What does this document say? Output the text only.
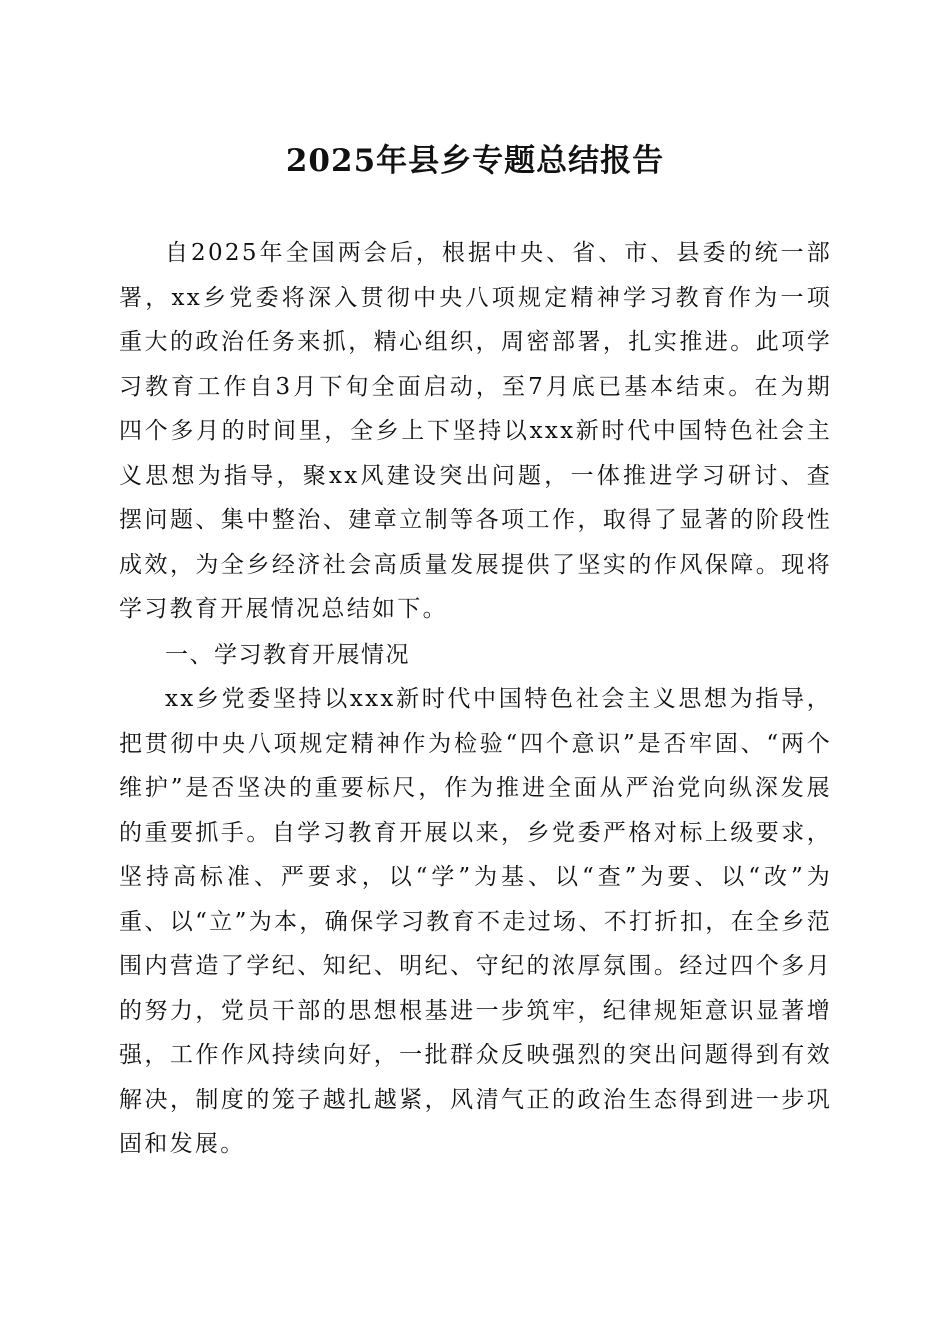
2025年县乡专题总结报告

自2025年全国两会后，根据中央、省、市、县委的统一部署，xx乡党委将深入贯彻中央八项规定精神学习教育作为一项重大的政治任务来抓，精心组织，周密部署，扎实推进。此项学习教育工作自3月下旬全面启动，至7月底已基本结束。在为期四个多月的时间里，全乡上下坚持以xxx新时代中国特色社会主义思想为指导，聚xx风建设突出问题，一体推进学习研讨、查摆问题、集中整治、建章立制等各项工作，取得了显著的阶段性成效，为全乡经济社会高质量发展提供了坚实的作风保障。现将学习教育开展情况总结如下。

一、学习教育开展情况

xx乡党委坚持以xxx新时代中国特色社会主义思想为指导，把贯彻中央八项规定精神作为检验“四个意识”是否牢固、“两个维护”是否坚决的重要标尺，作为推进全面从严治党向纵深发展的重要抓手。自学习教育开展以来，乡党委严格对标上级要求，坚持高标准、严要求，以“学”为基、以“查”为要、以“改”为重、以“立”为本，确保学习教育不走过场、不打折扣，在全乡范围内营造了学纪、知纪、明纪、守纪的浓厚氛围。经过四个多月的努力，党员干部的思想根基进一步筑牢，纪律规矩意识显著增强，工作作风持续向好，一批群众反映强烈的突出问题得到有效解决，制度的笼子越扎越紧，风清气正的政治生态得到进一步巩固和发展。
